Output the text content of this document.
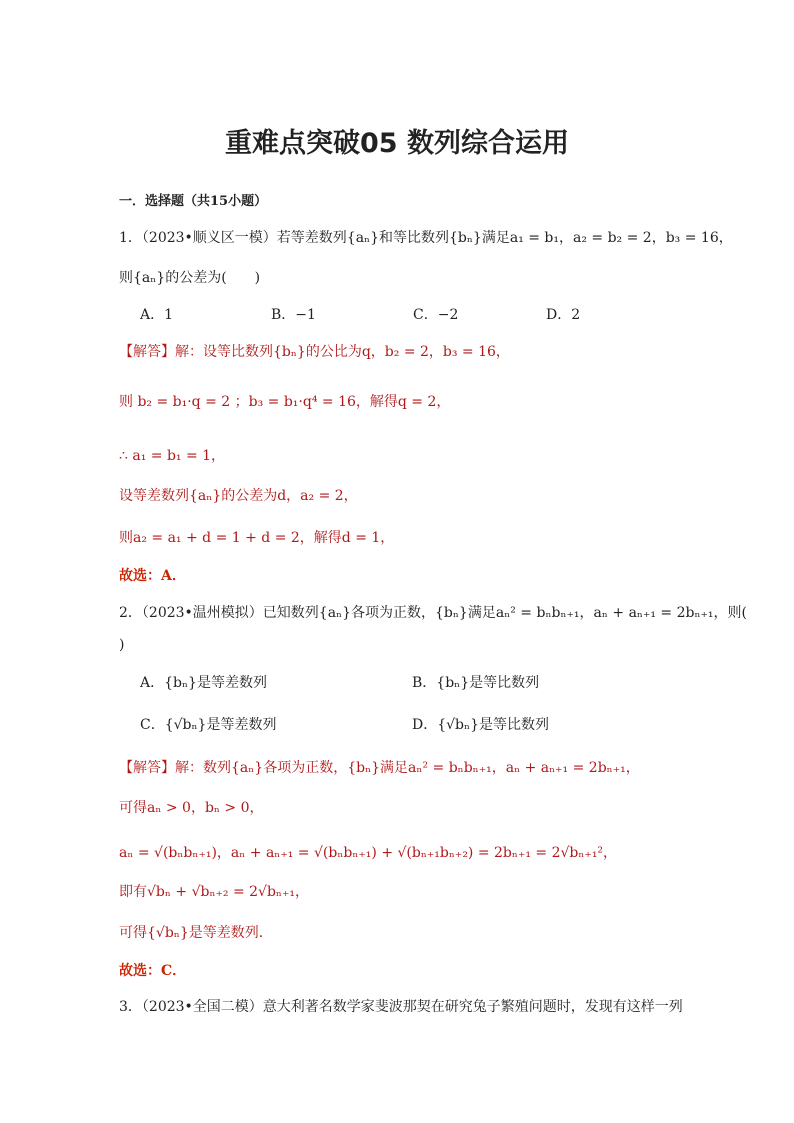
重难点突破05 数列综合运用
一．选择题（共15小题）
1．（2023•顺义区一模）若等差数列{aₙ}和等比数列{bₙ}满足a₁ = b₁，a₂ = b₂ = 2，b₃ = 16，
则{aₙ}的公差为(　　)
A．1	B．−1	C．−2	D．2
【解答】解：设等比数列{bₙ}的公比为q，b₂ = 2，b₃ = 16，
则 b₂ = b₁·q = 2 ；b₃ = b₁·q⁴ = 16，解得q = 2，
∴ a₁ = b₁ = 1，
设等差数列{aₙ}的公差为d，a₂ = 2，
则a₂ = a₁ + d = 1 + d = 2，解得d = 1，
故选：A．
2．（2023•温州模拟）已知数列{aₙ}各项为正数，{bₙ}满足aₙ² = bₙbₙ₊₁，aₙ + aₙ₊₁ = 2bₙ₊₁，则(
)
A．{bₙ}是等差数列	B．{bₙ}是等比数列
C．{√bₙ}是等差数列	D．{√bₙ}是等比数列
【解答】解：数列{aₙ}各项为正数，{bₙ}满足aₙ² = bₙbₙ₊₁，aₙ + aₙ₊₁ = 2bₙ₊₁，
可得aₙ > 0，bₙ > 0，
aₙ = √(bₙbₙ₊₁)，aₙ + aₙ₊₁ = √(bₙbₙ₊₁) + √(bₙ₊₁bₙ₊₂) = 2bₙ₊₁ = 2√bₙ₊₁²，
即有√bₙ + √bₙ₊₂ = 2√bₙ₊₁，
可得{√bₙ}是等差数列．
故选：C．
3．（2023•全国二模）意大利著名数学家斐波那契在研究兔子繁殖问题时，发现有这样一列
